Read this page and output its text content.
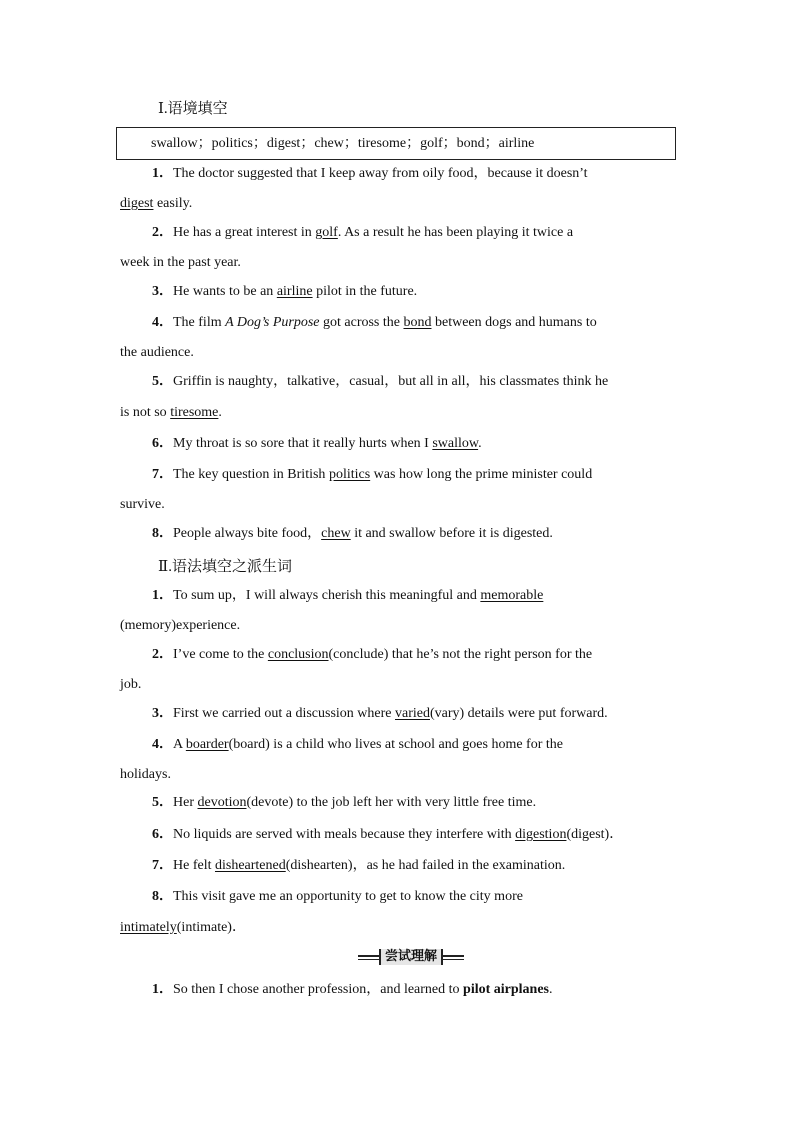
Ⅰ.语境填空
swallow；politics；digest；chew；tiresome；golf；bond；airline
1．The doctor suggested that I keep away from oily food，because it doesn’t
digest easily.
2．He has a great interest in golf. As a result he has been playing it twice a
week in the past year.
3．He wants to be an airline pilot in the future.
4．The film A Dog’s Purpose got across the bond between dogs and humans to
the audience.
5．Griffin is naughty，talkative，casual，but all in all，his classmates think he
is not so tiresome.
6．My throat is so sore that it really hurts when I swallow.
7．The key question in British politics was how long the prime minister could
survive.
8．People always bite food，chew it and swallow before it is digested.
Ⅱ.语法填空之派生词
1．To sum up，I will always cherish this meaningful and memorable
(memory)experience.
2．I’ve come to the conclusion(conclude) that he’s not the right person for the
job.
3．First we carried out a discussion where varied(vary) details were put forward.
4．A boarder(board) is a child who lives at school and goes home for the
holidays.
5．Her devotion(devote) to the job left her with very little free time.
6．No liquids are served with meals because they interfere with digestion(digest)．
7．He felt disheartened(dishearten)，as he had failed in the examination.
8．This visit gave me an opportunity to get to know the city more
intimately(intimate)．
尝试理解
1．So then I chose another profession，and learned to pilot airplanes.
